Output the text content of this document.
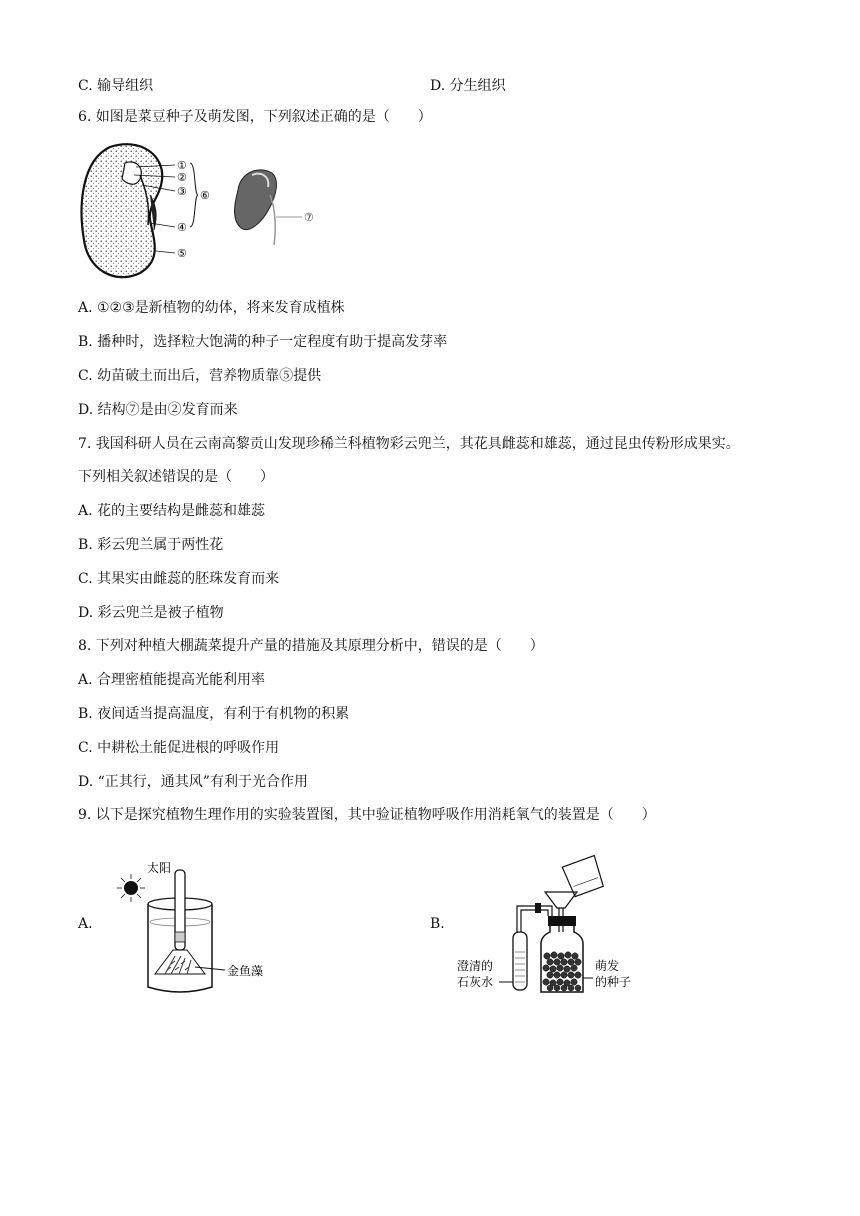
C. 输导组织	D. 分生组织
6. 如图是菜豆种子及萌发图，下列叙述正确的是（　　）
①
②
③
④
⑤
⑥
⑦
A. ①②③是新植物的幼体，将来发育成植株
B. 播种时，选择粒大饱满的种子一定程度有助于提高发芽率
C. 幼苗破土而出后，营养物质靠⑤提供
D. 结构⑦是由②发育而来
7. 我国科研人员在云南高黎贡山发现珍稀兰科植物彩云兜兰，其花具雌蕊和雄蕊，通过昆虫传粉形成果实。
下列相关叙述错误的是（　　）
A. 花的主要结构是雌蕊和雄蕊
B. 彩云兜兰属于两性花
C. 其果实由雌蕊的胚珠发育而来
D. 彩云兜兰是被子植物
8. 下列对种植大棚蔬菜提升产量的措施及其原理分析中，错误的是（　　）
A. 合理密植能提高光能利用率
B. 夜间适当提高温度，有利于有机物的积累
C. 中耕松土能促进根的呼吸作用
D. “正其行，通其风”有利于光合作用
9. 以下是探究植物生理作用的实验装置图，其中验证植物呼吸作用消耗氧气的装置是（　　）
A.	B.
太阳
金鱼藻	澄清的
石灰水
萌发
的种子
